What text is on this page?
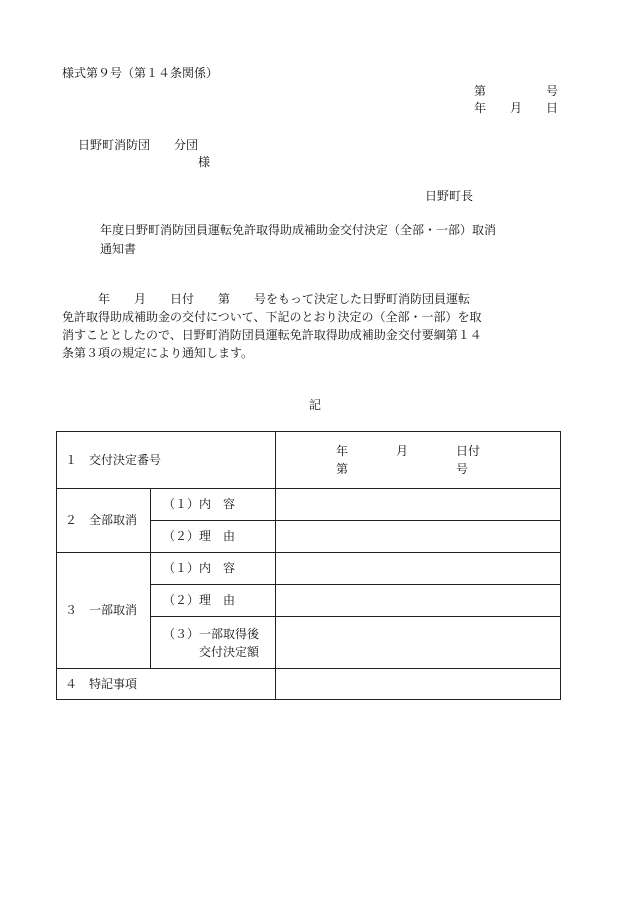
様式第９号（第１４条関係）
第　　　　　号
年　　月　　日
日野町消防団　　分団
様
日野町長
年度日野町消防団員運転免許取得助成補助金交付決定（全部・一部）取消
通知書
　　　年　　月　　日付　　第　　号をもって決定した日野町消防団員運転
免許取得助成補助金の交付について、下記のとおり決定の（全部・一部）を取
消すこととしたので、日野町消防団員運転免許取得助成補助金交付要綱第１４
条第３項の規定により通知します。
記
１　交付決定番号		年　　　　月　　　　日付
第　　　　　　　　　号
２　全部取消	（１）内　容	
	（２）理　由	
３　一部取消	（１）内　容	
	（２）理　由	
	（３）一部取得後
　　　交付決定額	
４　特記事項		
